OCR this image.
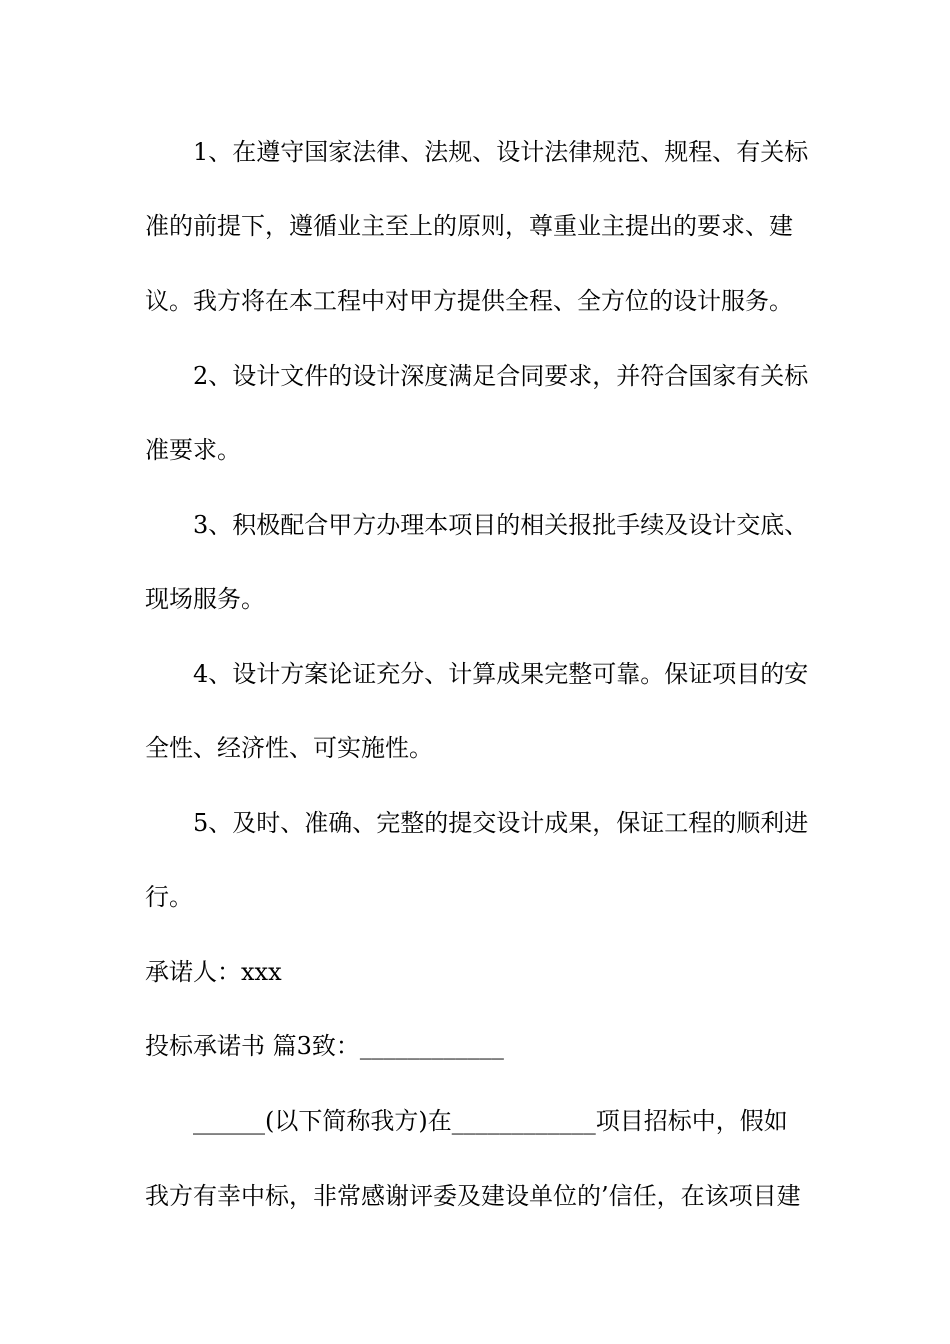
1、在遵守国家法律、法规、设计法律规范、规程、有关标
准的前提下，遵循业主至上的原则，尊重业主提出的要求、建
议。我方将在本工程中对甲方提供全程、全方位的设计服务。
2、设计文件的设计深度满足合同要求，并符合国家有关标
准要求。
3、积极配合甲方办理本项目的相关报批手续及设计交底、
现场服务。
4、设计方案论证充分、计算成果完整可靠。保证项目的安
全性、经济性、可实施性。
5、及时、准确、完整的提交设计成果，保证工程的顺利进
行。
承诺人：xxx
投标承诺书 篇3致：____________
______(以下简称我方)在____________项目招标中，假如
我方有幸中标，非常感谢评委及建设单位的’信任，在该项目建
